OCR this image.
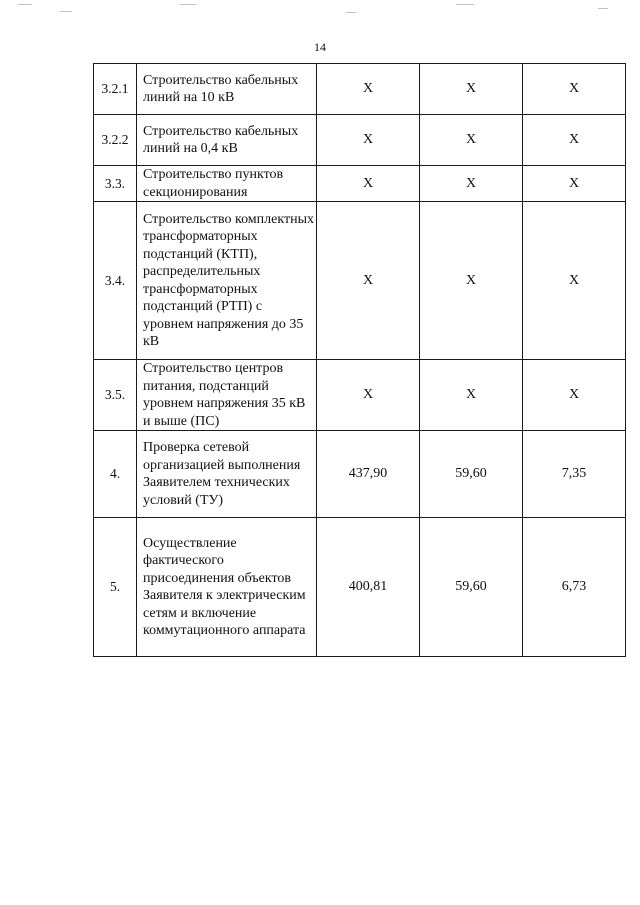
14
3.2.1	Строительство кабельных линий на 10 кВ	X	X	X
3.2.2	Строительство кабельных линий на 0,4 кВ	X	X	X
3.3.	Строительство пунктов секционирования	X	X	X
3.4.	Строительство комплектных трансформаторных подстанций (КТП), распределительных трансформаторных подстанций (РТП) с уровнем напряжения до 35 кВ	X	X	X
3.5.	Строительство центров питания, подстанций уровнем напряжения 35 кВ и выше (ПС)	X	X	X
4.	Проверка сетевой организацией выполнения Заявителем технических условий (ТУ)	437,90	59,60	7,35
5.	Осуществление фактического присоединения объектов Заявителя к электрическим сетям и включение коммутационного аппарата	400,81	59,60	6,73
